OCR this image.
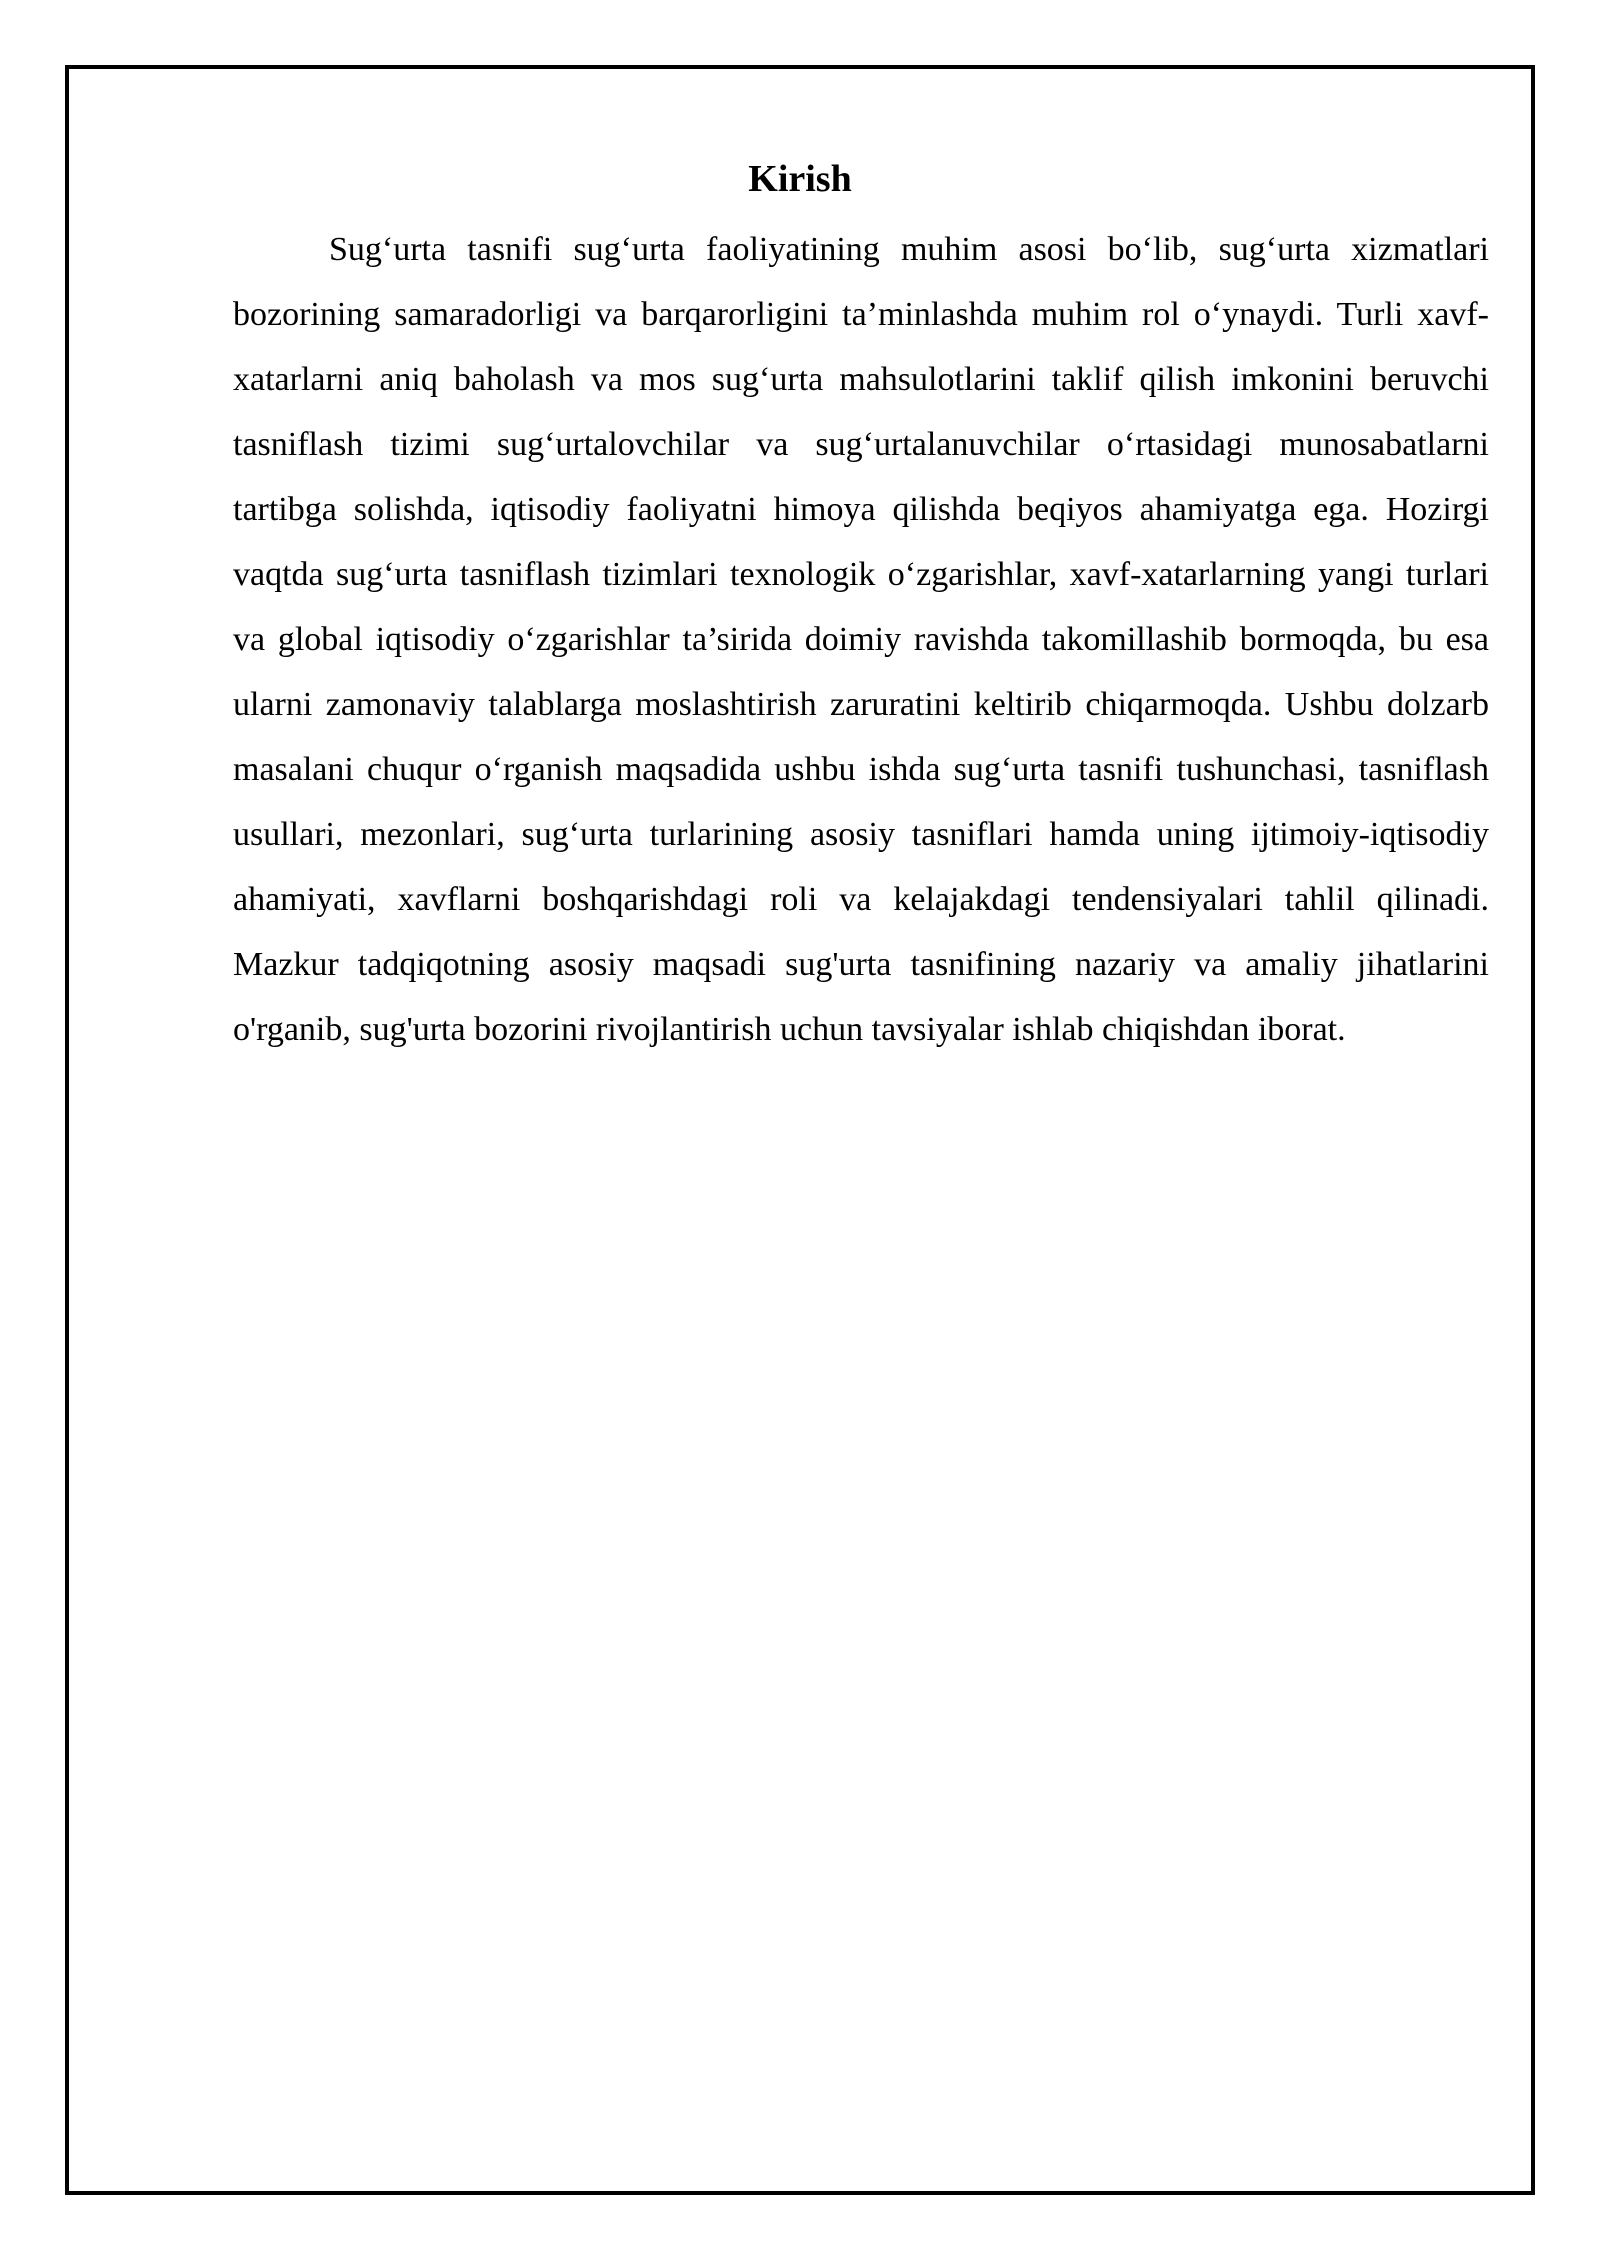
Kirish

Sug‘urta tasnifi sug‘urta faoliyatining muhim asosi bo‘lib, sug‘urta xizmatlari bozorining samaradorligi va barqarorligini ta’minlashda muhim rol o‘ynaydi. Turli xavf-xatarlarni aniq baholash va mos sug‘urta mahsulotlarini taklif qilish imkonini beruvchi tasniflash tizimi sug‘urtalovchilar va sug‘urtalanuvchilar o‘rtasidagi munosabatlarni tartibga solishda, iqtisodiy faoliyatni himoya qilishda beqiyos ahamiyatga ega. Hozirgi vaqtda sug‘urta tasniflash tizimlari texnologik o‘zgarishlar, xavf-xatarlarning yangi turlari va global iqtisodiy o‘zgarishlar ta’sirida doimiy ravishda takomillashib bormoqda, bu esa ularni zamonaviy talablarga moslashtirish zaruratini keltirib chiqarmoqda. Ushbu dolzarb masalani chuqur o‘rganish maqsadida ushbu ishda sug‘urta tasnifi tushunchasi, tasniflash usullari, mezonlari, sug‘urta turlarining asosiy tasniflari hamda uning ijtimoiy-iqtisodiy ahamiyati, xavflarni boshqarishdagi roli va kelajakdagi tendensiyalari tahlil qilinadi. Mazkur tadqiqotning asosiy maqsadi sug'urta tasnifining nazariy va amaliy jihatlarini o'rganib, sug'urta bozorini rivojlantirish uchun tavsiyalar ishlab chiqishdan iborat.
